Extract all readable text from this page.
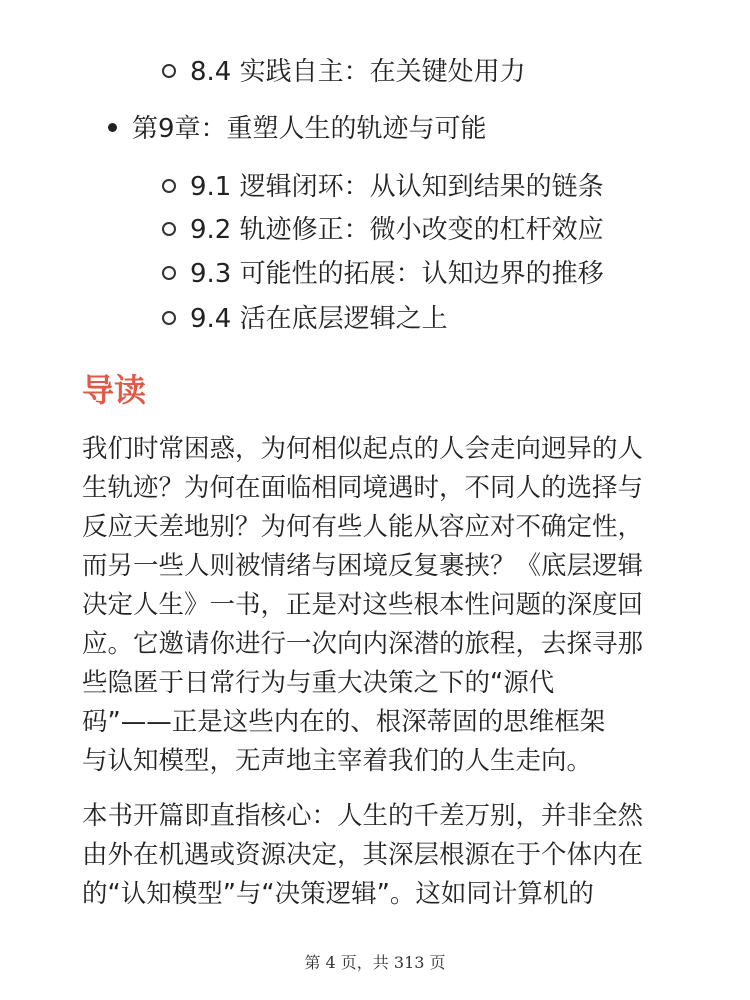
8.4 实践自主：在关键处用力
第9章：重塑人生的轨迹与可能
9.1 逻辑闭环：从认知到结果的链条
9.2 轨迹修正：微小改变的杠杆效应
9.3 可能性的拓展：认知边界的推移
9.4 活在底层逻辑之上
导读
我们时常困惑，为何相似起点的人会走向迥异的人
生轨迹？为何在面临相同境遇时，不同人的选择与
反应天差地别？为何有些人能从容应对不确定性，
而另一些人则被情绪与困境反复裹挟？《底层逻辑
决定人生》一书，正是对这些根本性问题的深度回
应。它邀请你进行一次向内深潜的旅程，去探寻那
些隐匿于日常行为与重大决策之下的“源代
码”——正是这些内在的、根深蒂固的思维框架
与认知模型，无声地主宰着我们的人生走向。
本书开篇即直指核心：人生的千差万别，并非全然
由外在机遇或资源决定，其深层根源在于个体内在
的“认知模型”与“决策逻辑”。这如同计算机的
第 4 页，共 313 页
